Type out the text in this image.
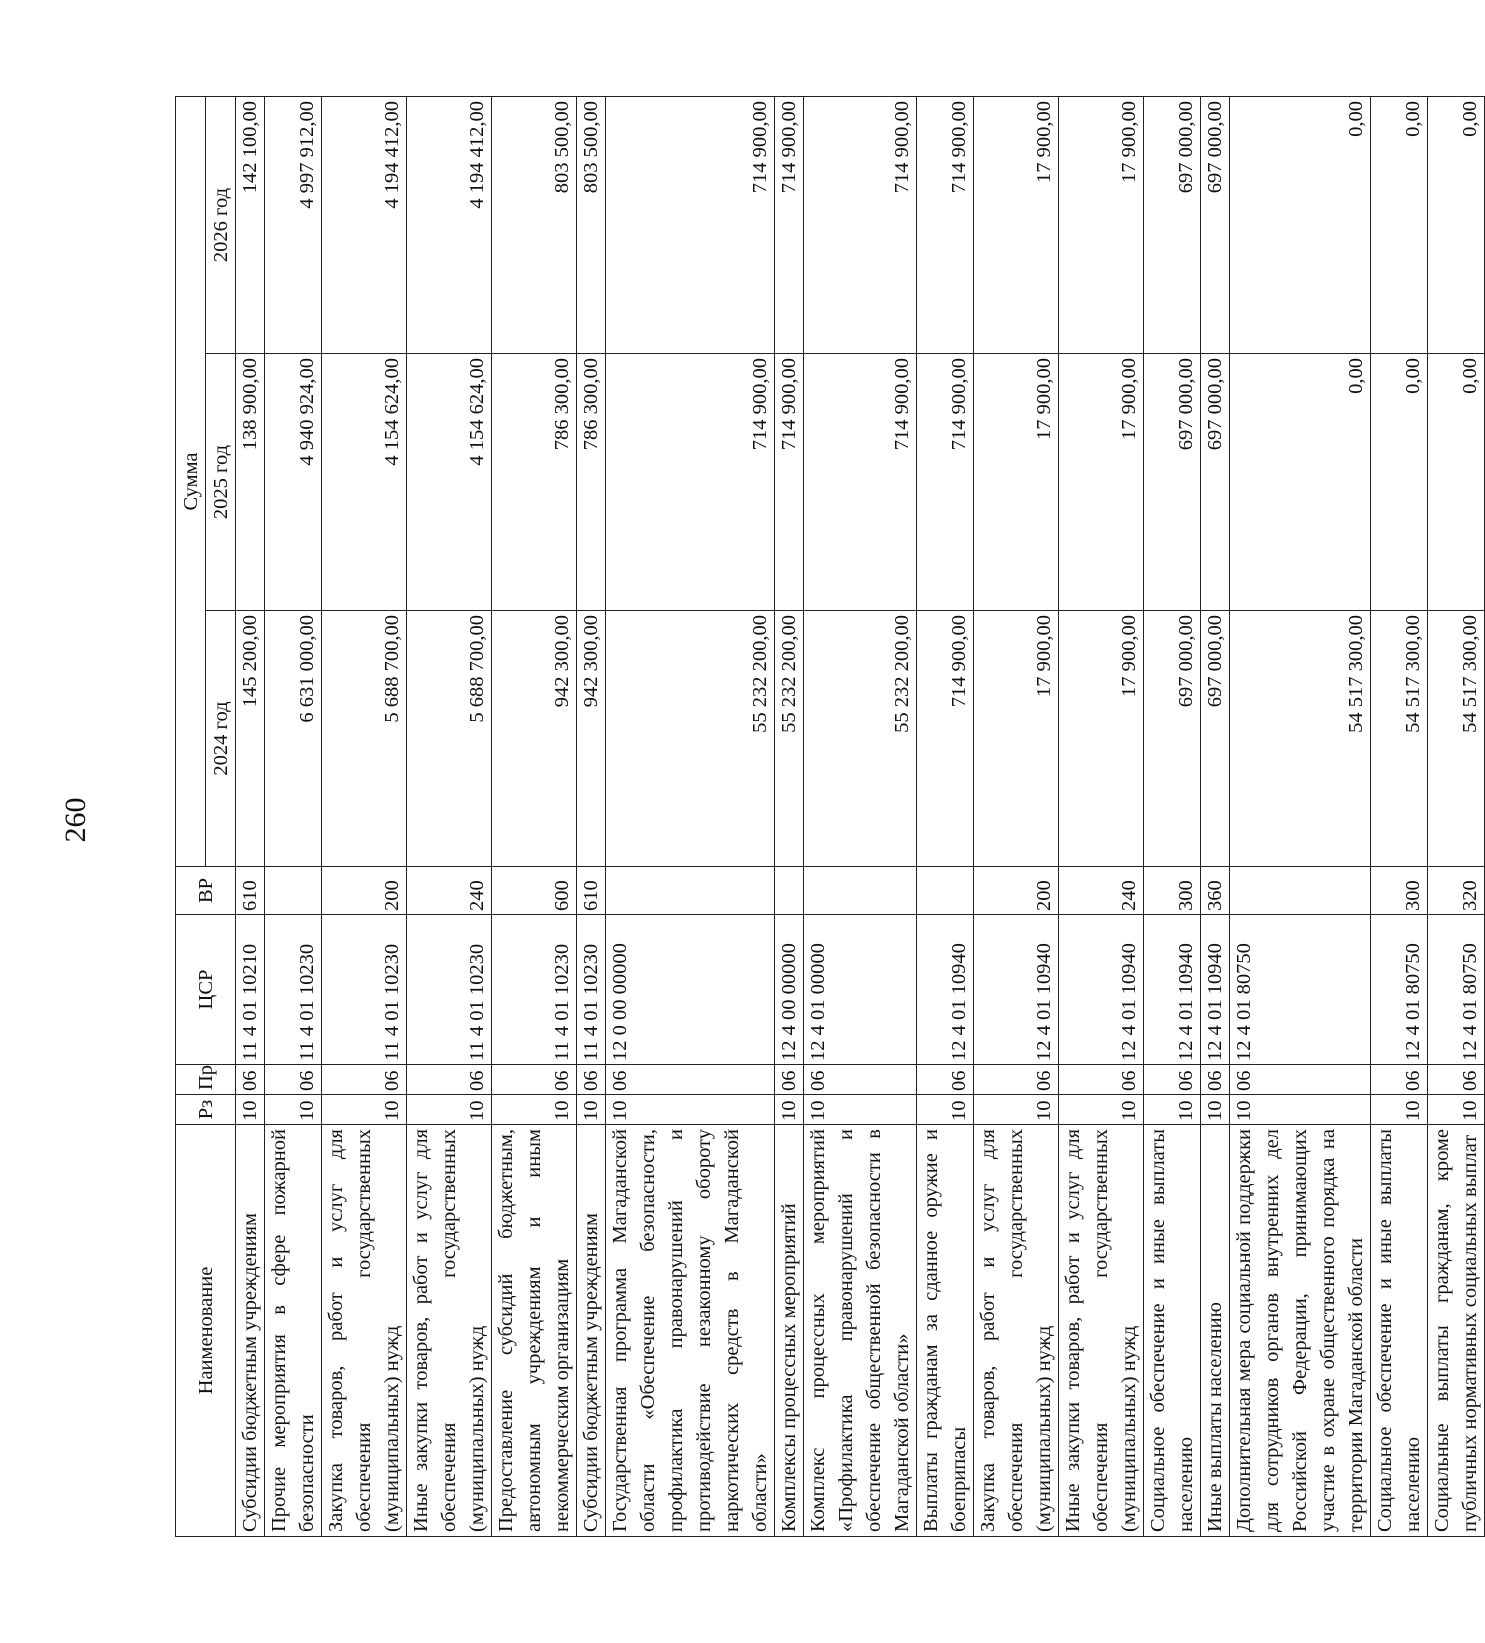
260
Наименование	Рз	Пр	ЦСР	ВР	Сумма		
					2024 год	2025 год	2026 год
Субсидии бюджетным учреждениям	10	06	11 4 01 10210	610	145 200,00	138 900,00	142 100,00
Прочие мероприятия в сфере пожарной безопасности	10	06	11 4 01 10230		6 631 000,00	4 940 924,00	4 997 912,00
Закупка товаров, работ и услуг для обеспечения государственных (муниципальных) нужд	10	06	11 4 01 10230	200	5 688 700,00	4 154 624,00	4 194 412,00
Иные закупки товаров, работ и услуг для обеспечения государственных (муниципальных) нужд	10	06	11 4 01 10230	240	5 688 700,00	4 154 624,00	4 194 412,00
Предоставление субсидий бюджетным, автономным учреждениям и иным некоммерческим организациям	10	06	11 4 01 10230	600	942 300,00	786 300,00	803 500,00
Субсидии бюджетным учреждениям	10	06	11 4 01 10230	610	942 300,00	786 300,00	803 500,00
Государственная программа Магаданской области «Обеспечение безопасности, профилактика правонарушений и противодействие незаконному обороту наркотических средств в Магаданской области»	10	06	12 0 00 00000		55 232 200,00	714 900,00	714 900,00
Комплексы процессных мероприятий	10	06	12 4 00 00000		55 232 200,00	714 900,00	714 900,00
Комплекс процессных мероприятий «Профилактика правонарушений и обеспечение общественной безопасности в Магаданской области»	10	06	12 4 01 00000		55 232 200,00	714 900,00	714 900,00
Выплаты гражданам за сданное оружие и боеприпасы	10	06	12 4 01 10940		714 900,00	714 900,00	714 900,00
Закупка товаров, работ и услуг для обеспечения государственных (муниципальных) нужд	10	06	12 4 01 10940	200	17 900,00	17 900,00	17 900,00
Иные закупки товаров, работ и услуг для обеспечения государственных (муниципальных) нужд	10	06	12 4 01 10940	240	17 900,00	17 900,00	17 900,00
Социальное обеспечение и иные выплаты населению	10	06	12 4 01 10940	300	697 000,00	697 000,00	697 000,00
Иные выплаты населению	10	06	12 4 01 10940	360	697 000,00	697 000,00	697 000,00
Дополнительная мера социальной поддержки для сотрудников органов внутренних дел Российской Федерации, принимающих участие в охране общественного порядка на территории Магаданской области	10	06	12 4 01 80750		54 517 300,00	0,00	0,00
Социальное обеспечение и иные выплаты населению	10	06	12 4 01 80750	300	54 517 300,00	0,00	0,00
Социальные выплаты гражданам, кроме публичных нормативных социальных выплат	10	06	12 4 01 80750	320	54 517 300,00	0,00	0,00
